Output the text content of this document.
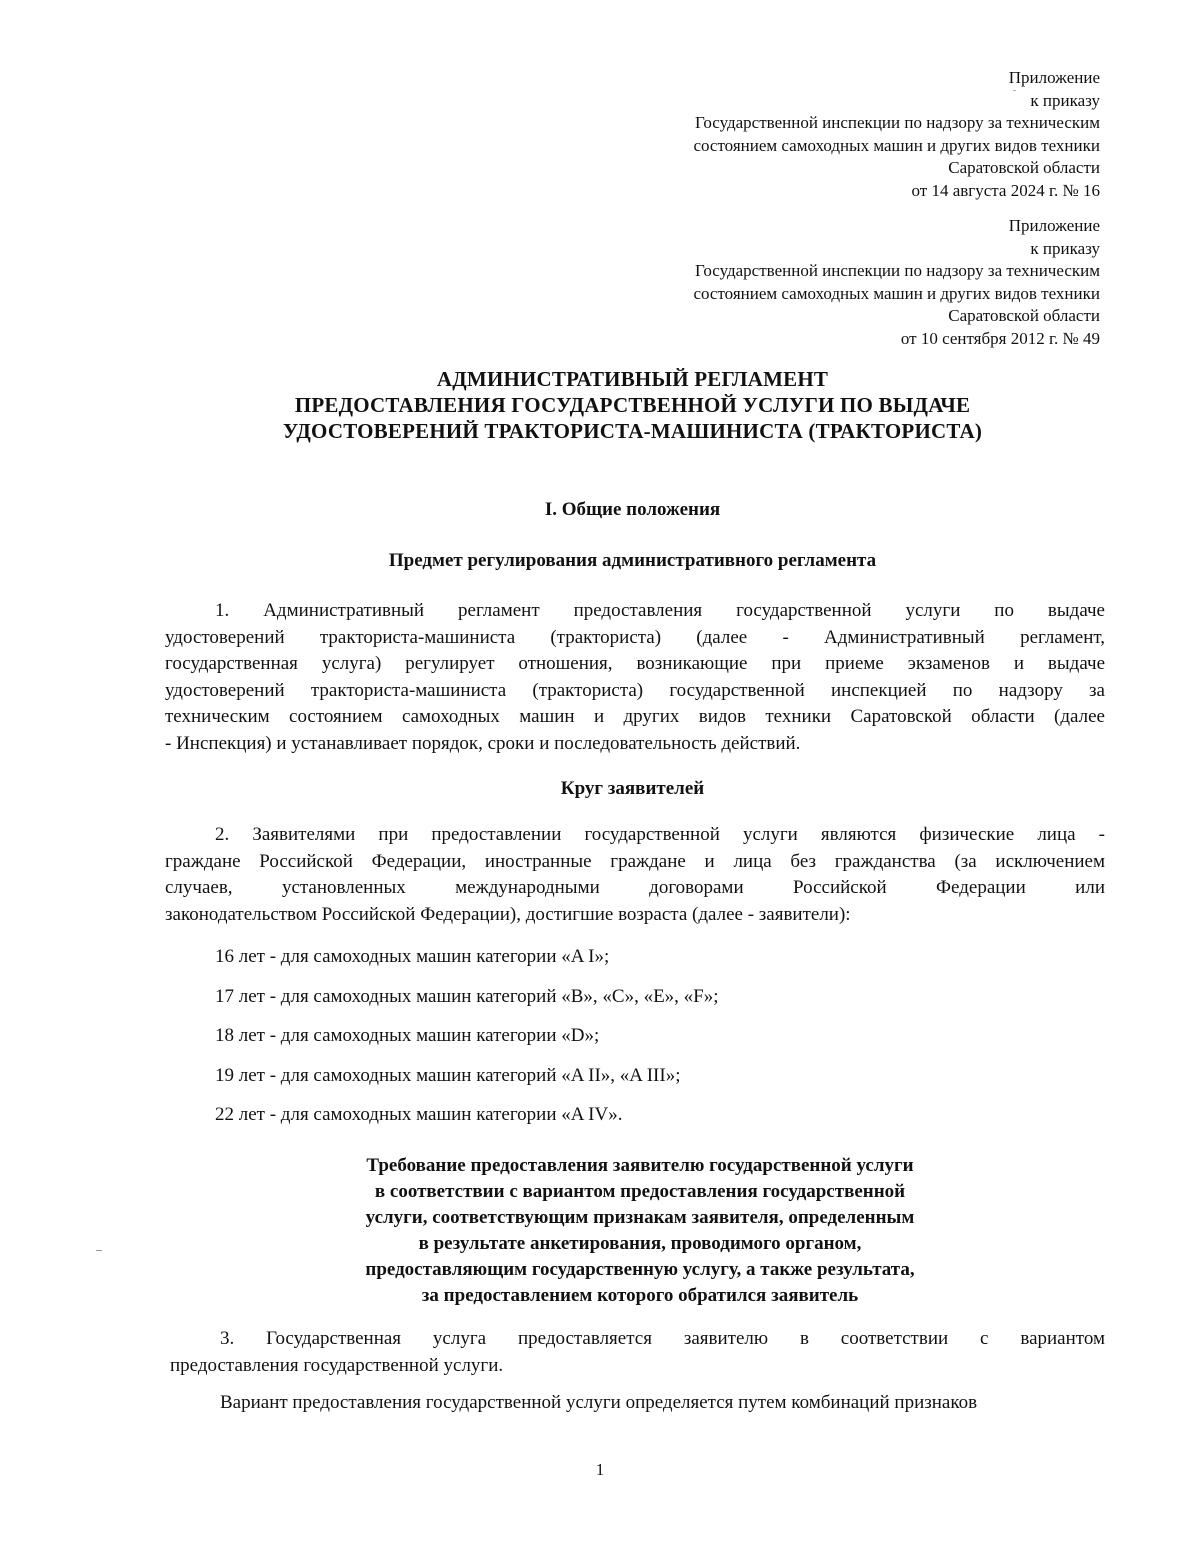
Приложение
к приказу
Государственной инспекции по надзору за техническим
состоянием самоходных машин и других видов техники
Саратовской области
от 14 августа 2024 г. № 16
Приложение
к приказу
Государственной инспекции по надзору за техническим
состоянием самоходных машин и других видов техники
Саратовской области
от 10 сентября 2012 г. № 49
АДМИНИСТРАТИВНЫЙ РЕГЛАМЕНТ
ПРЕДОСТАВЛЕНИЯ ГОСУДАРСТВЕННОЙ УСЛУГИ ПО ВЫДАЧЕ
УДОСТОВЕРЕНИЙ ТРАКТОРИСТА-МАШИНИСТА (ТРАКТОРИСТА)
I. Общие положения
Предмет регулирования административного регламента
1. Административный регламент предоставления государственной услуги по выдаче
удостоверений тракториста-машиниста (тракториста) (далее - Административный регламент,
государственная услуга) регулирует отношения, возникающие при приеме экзаменов и выдаче
удостоверений тракториста-машиниста (тракториста) государственной инспекцией по надзору за
техническим состоянием самоходных машин и других видов техники Саратовской области (далее
- Инспекция) и устанавливает порядок, сроки и последовательность действий.
Круг заявителей
2. Заявителями при предоставлении государственной услуги являются физические лица -
граждане Российской Федерации, иностранные граждане и лица без гражданства (за исключением
случаев, установленных международными договорами Российской Федерации или
законодательством Российской Федерации), достигшие возраста (далее - заявители):
16 лет - для самоходных машин категории «A I»;
17 лет - для самоходных машин категорий «B», «C», «E», «F»;
18 лет - для самоходных машин категории «D»;
19 лет - для самоходных машин категорий «A II», «A III»;
22 лет - для самоходных машин категории «A IV».
Требование предоставления заявителю государственной услуги
в соответствии с вариантом предоставления государственной
услуги, соответствующим признакам заявителя, определенным
в результате анкетирования, проводимого органом,
предоставляющим государственную услугу, а также результата,
за предоставлением которого обратился заявитель
3. Государственная услуга предоставляется заявителю в соответствии с вариантом
предоставления государственной услуги.
Вариант предоставления государственной услуги определяется путем комбинаций признаков
1
